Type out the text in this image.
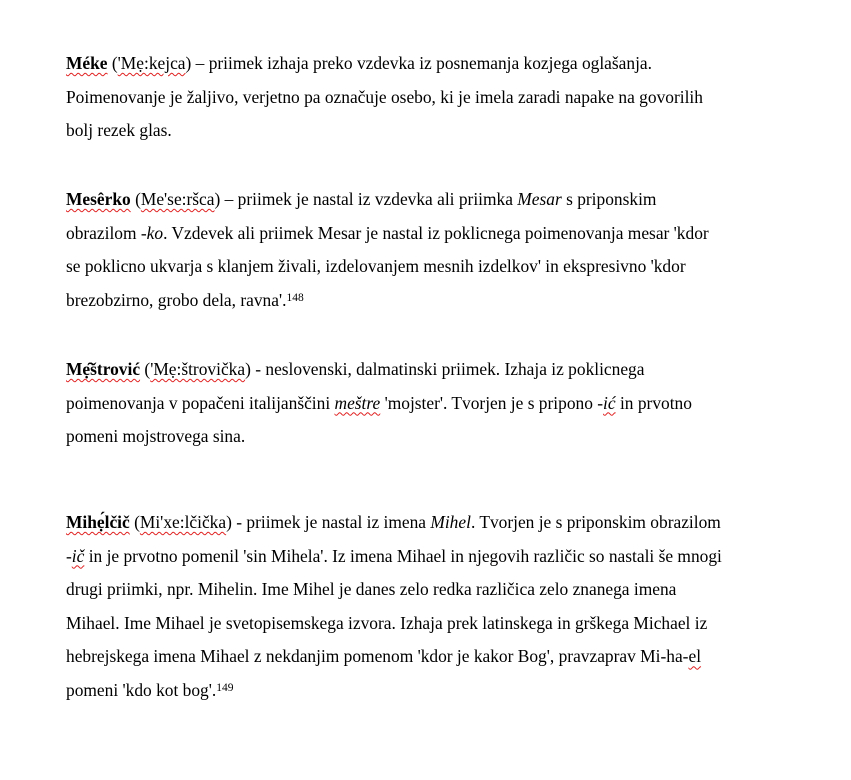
Méke ('Mẹ:kejca) – priimek izhaja preko vzdevka iz posnemanja kozjega oglašanja.
Poimenovanje je žaljivo, verjetno pa označuje osebo, ki je imela zaradi napake na govorilih
bolj rezek glas.

Mesêrko (Me'se:ršca) – priimek je nastal iz vzdevka ali priimka Mesar s priponskim
obrazilom -ko. Vzdevek ali priimek Mesar je nastal iz poklicnega poimenovanja mesar 'kdor
se poklicno ukvarja s klanjem živali, izdelovanjem mesnih izdelkov' in ekspresivno 'kdor
brezobzirno, grobo dela, ravna'.$^{148}$

Mẹ̑štrović ('Mẹ:štrovička) - neslovenski, dalmatinski priimek. Izhaja iz poklicnega
poimenovanja v popačeni italijanščini meštre 'mojster'. Tvorjen je s pripono -ić in prvotno
pomeni mojstrovega sina.

Mihẹ́lčič (Mi'xe:lčička) - priimek je nastal iz imena Mihel. Tvorjen je s priponskim obrazilom
-ič in je prvotno pomenil 'sin Mihela'. Iz imena Mihael in njegovih različic so nastali še mnogi
drugi priimki, npr. Mihelin. Ime Mihel je danes zelo redka različica zelo znanega imena
Mihael. Ime Mihael je svetopisemskega izvora. Izhaja prek latinskega in grškega Michael iz
hebrejskega imena Mihael z nekdanjim pomenom 'kdor je kakor Bog', pravzaprav Mi-ha-el
pomeni 'kdo kot bog'.$^{149}$
